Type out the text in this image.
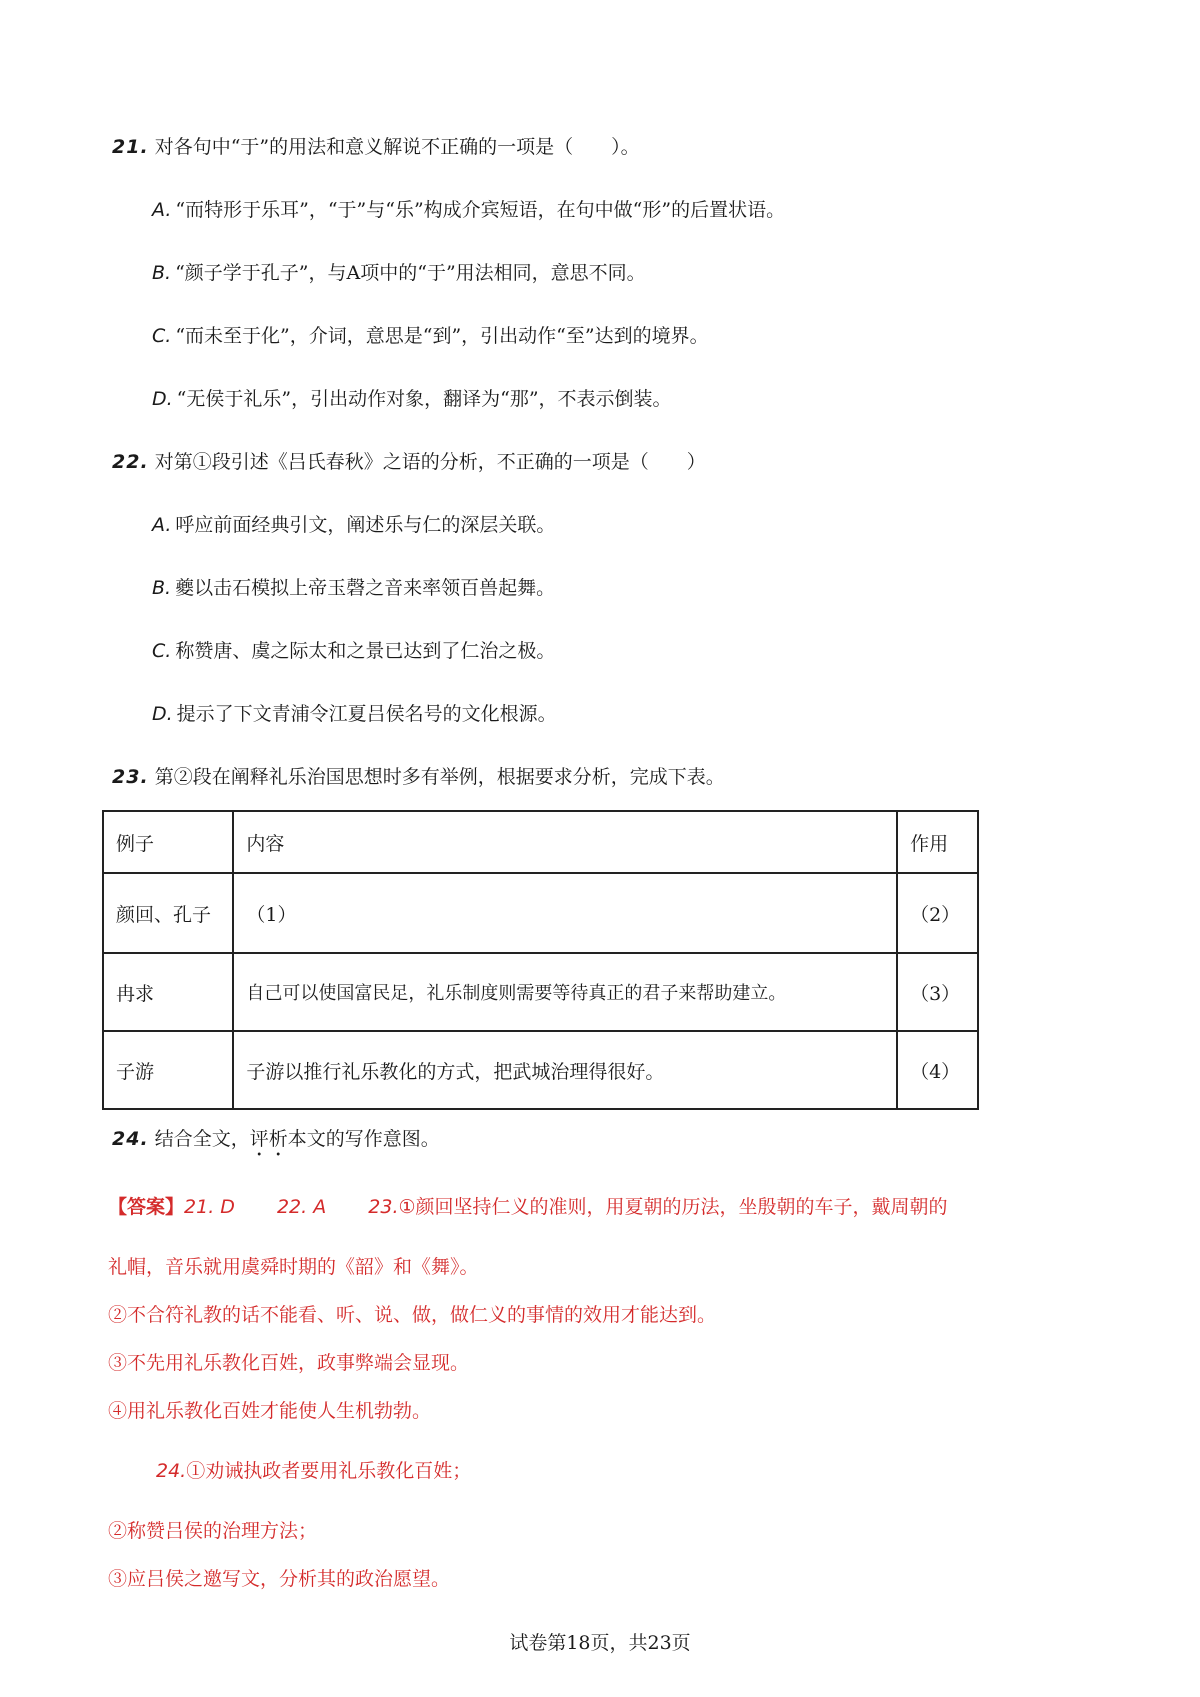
21. 对各句中“于”的用法和意义解说不正确的一项是（　　）。
A. “而特形于乐耳”，“于”与“乐”构成介宾短语，在句中做“形”的后置状语。
B. “颜子学于孔子”，与A项中的“于”用法相同，意思不同。
C. “而未至于化”，介词，意思是“到”，引出动作“至”达到的境界。
D. “无侯于礼乐”，引出动作对象，翻译为“那”，不表示倒装。
22. 对第①段引述《吕氏春秋》之语的分析，不正确的一项是（　　）
A. 呼应前面经典引文，阐述乐与仁的深层关联。
B. 夔以击石模拟上帝玉磬之音来率领百兽起舞。
C. 称赞唐、虞之际太和之景已达到了仁治之极。
D. 提示了下文青浦令江夏吕侯名号的文化根源。
23. 第②段在阐释礼乐治国思想时多有举例，根据要求分析，完成下表。
例子	内容	作用
颜回、孔子	（1）	（2）
冉求	自己可以使国富民足，礼乐制度则需要等待真正的君子来帮助建立。	（3）
子游	子游以推行礼乐教化的方式，把武城治理得很好。	（4）
24. 结合全文，评析本文的写作意图。
【答案】21. D 22. A 23.①颜回坚持仁义的准则，用夏朝的历法，坐殷朝的车子，戴周朝的
礼帽，音乐就用虞舜时期的《韶》和《舞》。
②不合符礼教的话不能看、听、说、做，做仁义的事情的效用才能达到。
③不先用礼乐教化百姓，政事弊端会显现。
④用礼乐教化百姓才能使人生机勃勃。
24.①劝诫执政者要用礼乐教化百姓；
②称赞吕侯的治理方法；
③应吕侯之邀写文，分析其的政治愿望。
试卷第18页，共23页
